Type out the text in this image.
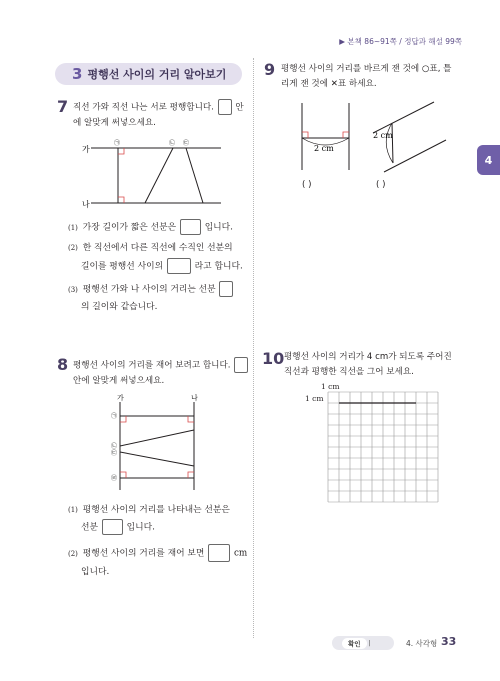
▶ 본책 86~91쪽 / 정답과 해설 99쪽
3 평행선 사이의 거리 알아보기
7 직선 가와 직선 나는 서로 평행합니다. 안
에 알맞게 써넣으세요.
가
나
㉠	㉡ ㉢
(1) 가장 길이가 짧은 선분은	입니다.
(2) 한 직선에서 다른 직선에 수직인 선분의
길이를 평행선 사이의	라고 합니다.
(3) 평행선 가와 나 사이의 거리는 선분
의 길이와 같습니다.
8 평행선 사이의 거리를 재어 보려고 합니다.
안에 알맞게 써넣으세요.
가	나
㉠
㉡
㉢
㉣
(1) 평행선 사이의 거리를 나타내는 선분은
선분	입니다.
(2) 평행선 사이의 거리를 재어 보면	cm
입니다.
9 평행선 사이의 거리를 바르게 잰 것에 ○표, 틀
리게 잰 것에 ✕표 하세요.
2 cm
2 cm
( )	( )
10 평행선 사이의 거리가 4 cm가 되도록 주어진
직선과 평행한 직선을 그어 보세요.
1 cm
1 cm
4
확인	|	4. 사각형 33
